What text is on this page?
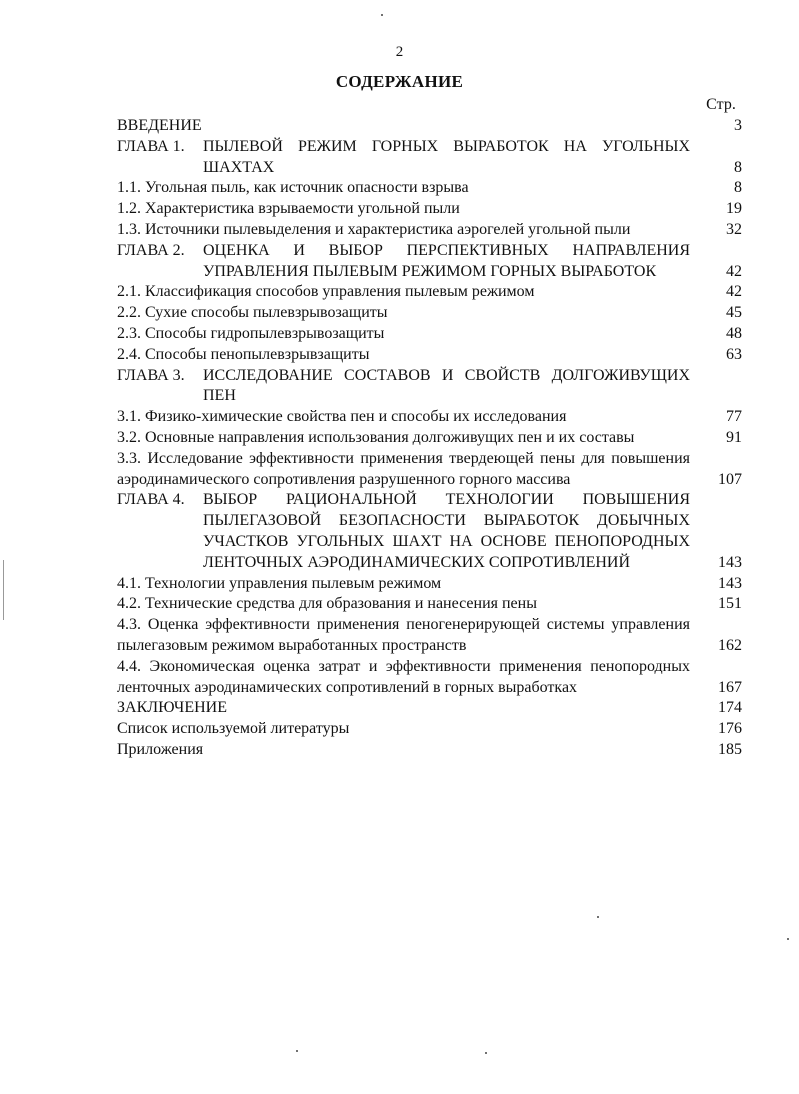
2
СОДЕРЖАНИЕ
Стр.
ВВЕДЕНИЕ	3
ГЛАВА 1.	ПЫЛЕВОЙ РЕЖИМ ГОРНЫХ ВЫРАБОТОК НА УГОЛЬНЫХ ШАХТАХ	8
1.1. Угольная пыль, как источник опасности взрыва	8
1.2. Характеристика взрываемости угольной пыли	19
1.3. Источники пылевыделения и характеристика аэрогелей угольной пыли	32
ГЛАВА 2.	ОЦЕНКА И ВЫБОР ПЕРСПЕКТИВНЫХ НАПРАВЛЕНИЯ УПРАВЛЕНИЯ ПЫЛЕВЫМ РЕЖИМОМ ГОРНЫХ ВЫРАБОТОК	42
2.1. Классификация способов управления пылевым режимом	42
2.2. Сухие способы пылевзрывозащиты	45
2.3. Способы гидропылевзрывозащиты	48
2.4. Способы пенопылевзрывзащиты	63
ГЛАВА 3.	ИССЛЕДОВАНИЕ СОСТАВОВ И СВОЙСТВ ДОЛГОЖИВУЩИХ ПЕН
3.1. Физико-химические свойства пен и способы их исследования	77
3.2. Основные направления использования долгоживущих пен и их составы	91
3.3. Исследование эффективности применения твердеющей пены для повышения аэродинамического сопротивления разрушенного горного массива	107
ГЛАВА 4.	ВЫБОР РАЦИОНАЛЬНОЙ ТЕХНОЛОГИИ ПОВЫШЕНИЯ ПЫЛЕГАЗОВОЙ БЕЗОПАСНОСТИ ВЫРАБОТОК ДОБЫЧНЫХ УЧАСТКОВ УГОЛЬНЫХ ШАХТ НА ОСНОВЕ ПЕНОПОРОДНЫХ ЛЕНТОЧНЫХ АЭРОДИНАМИЧЕСКИХ СОПРОТИВЛЕНИЙ	143
4.1. Технологии управления пылевым режимом	143
4.2. Технические средства для образования и нанесения пены	151
4.3. Оценка эффективности применения пеногенерирующей системы управления пылегазовым режимом выработанных пространств	162
4.4. Экономическая оценка затрат и эффективности применения пенопородных ленточных аэродинамических сопротивлений в горных выработках	167
ЗАКЛЮЧЕНИЕ	174
Список используемой литературы	176
Приложения	185
